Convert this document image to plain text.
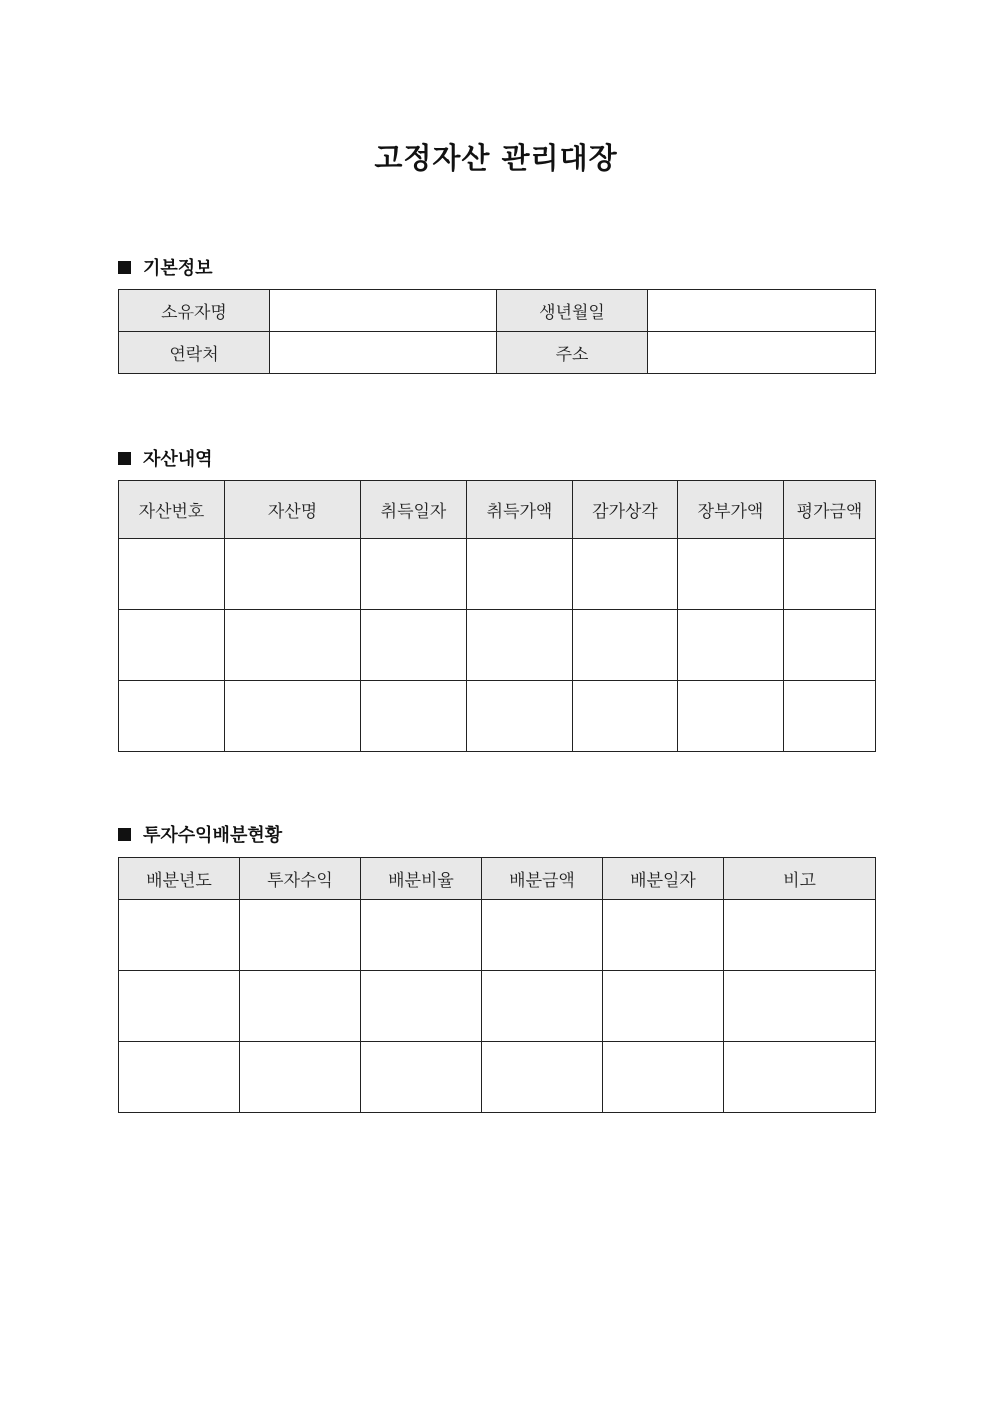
고정자산 관리대장
기본정보
소유자명		생년월일	
연락처		주소	
자산내역
자산번호	자산명	취득일자	취득가액	감가상각	장부가액	평가금액

투자수익배분현황
배분년도	투자수익	배분비율	배분금액	배분일자	비고
